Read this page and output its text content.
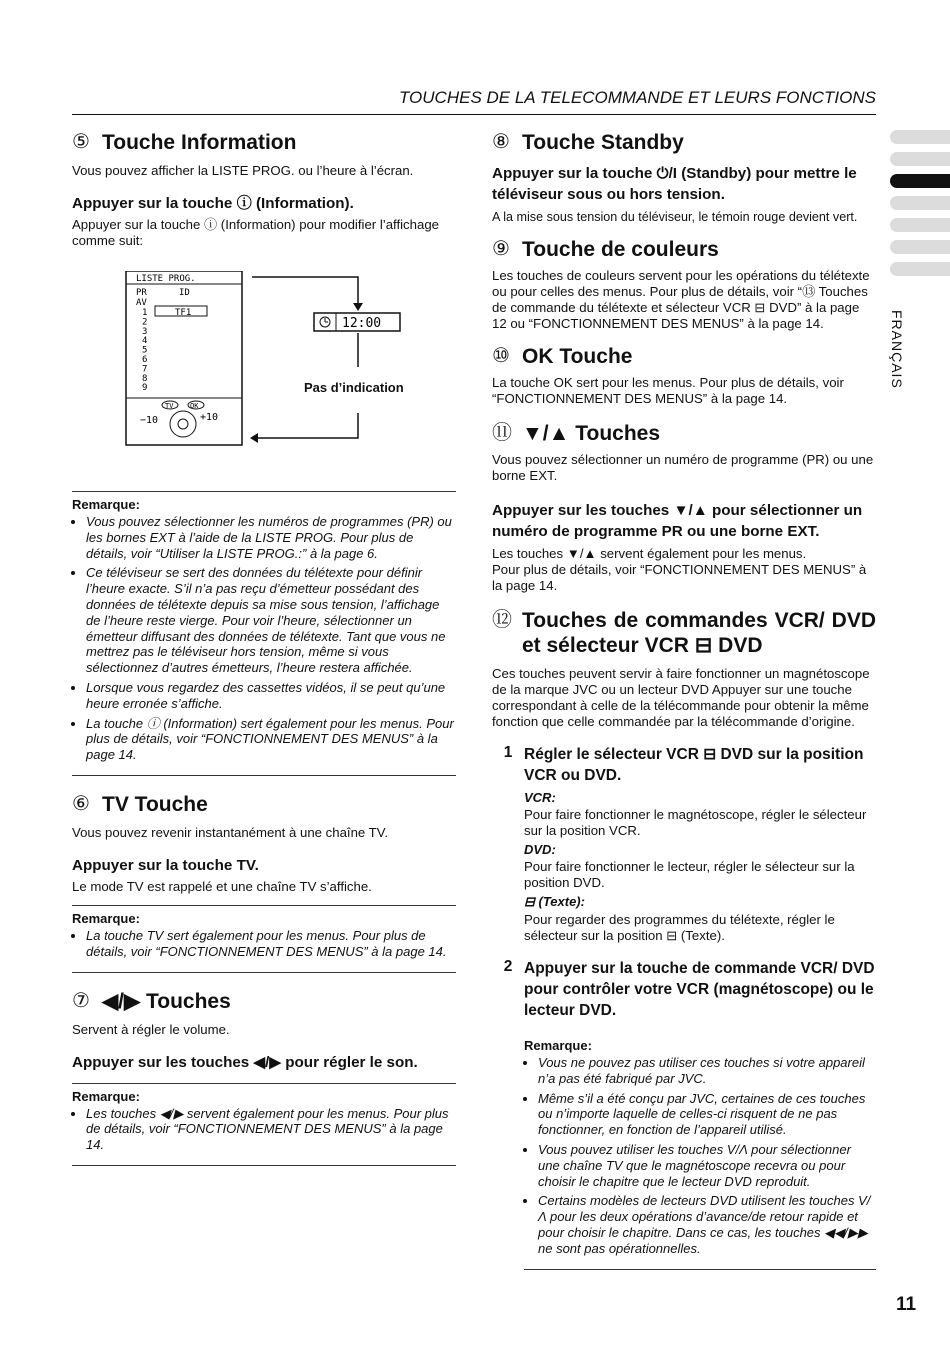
TOUCHES DE LA TELECOMMANDE ET LEURS FONCTIONS
FRANÇAIS
11
⑤ Touche Information

Vous pouvez afficher la LISTE PROG. ou l’heure à l’écran.

Appuyer sur la touche ⓘ (Information).

Appuyer sur la touche ⓘ (Information) pour modifier l’affichage comme suit:

LISTE PROG.
PR	ID
AV
TF1
1
2
3
4
5
6
7
8
9
TV OK
−10	+10
12:00
Pas d’indication
Remarque:
• Vous pouvez sélectionner les numéros de programmes (PR) ou les bornes EXT à l’aide de la LISTE PROG. Pour plus de détails, voir “Utiliser la LISTE PROG.:” à la page 6.
• Ce téléviseur se sert des données du télétexte pour définir l’heure exacte. S’il n’a pas reçu d’émetteur possédant des données de télétexte depuis sa mise sous tension, l’affichage de l’heure reste vierge. Pour voir l’heure, sélectionner un émetteur diffusant des données de télétexte. Tant que vous ne mettrez pas le téléviseur hors tension, même si vous sélectionnez d’autres émetteurs, l’heure restera affichée.
• Lorsque vous regardez des cassettes vidéos, il se peut qu’une heure erronée s’affiche.
• La touche ⓘ (Information) sert également pour les menus. Pour plus de détails, voir “FONCTIONNEMENT DES MENUS” à la page 14.
⑥ TV Touche

Vous pouvez revenir instantanément à une chaîne TV.

Appuyer sur la touche TV.

Le mode TV est rappelé et une chaîne TV s’affiche.

Remarque:
• La touche TV sert également pour les menus. Pour plus de détails, voir “FONCTIONNEMENT DES MENUS” à la page 14.
⑦ ◀/▶ Touches

Servent à régler le volume.

Appuyer sur les touches ◀/▶ pour régler le son.

Remarque:
• Les touches ◀/▶ servent également pour les menus. Pour plus de détails, voir “FONCTIONNEMENT DES MENUS” à la page 14.
⑧ Touche Standby

Appuyer sur la touche ⏻/I (Standby) pour mettre le téléviseur sous ou hors tension.

A la mise sous tension du téléviseur, le témoin rouge devient vert.

⑨ Touche de couleurs

Les touches de couleurs servent pour les opérations du télétexte ou pour celles des menus. Pour plus de détails, voir “⑬ Touches de commande du télétexte et sélecteur VCR ⊟ DVD” à la page 12 ou “FONCTIONNEMENT DES MENUS” à la page 14.

⑩ OK Touche

La touche OK sert pour les menus. Pour plus de détails, voir “FONCTIONNEMENT DES MENUS” à la page 14.

⑪ ▼/▲ Touches

Vous pouvez sélectionner un numéro de programme (PR) ou une borne EXT.

Appuyer sur les touches ▼/▲ pour sélectionner un numéro de programme PR ou une borne EXT.

Les touches ▼/▲ servent également pour les menus.

Pour plus de détails, voir “FONCTIONNEMENT DES MENUS” à la page 14.

⑫ Touches de commandes VCR/ DVD et sélecteur VCR ⊟ DVD

Ces touches peuvent servir à faire fonctionner un magnétoscope de la marque JVC ou un lecteur DVD Appuyer sur une touche correspondant à celle de la télécommande pour obtenir la même fonction que celle commandée par la télécommande d’origine.

1 Régler le sélecteur VCR ⊟ DVD sur la position VCR ou DVD.
VCR:

Pour faire fonctionner le magnétoscope, régler le sélecteur sur la position VCR.

DVD:

Pour faire fonctionner le lecteur, régler le sélecteur sur la position DVD.

⊟ (Texte):

Pour regarder des programmes du télétexte, régler le sélecteur sur la position ⊟ (Texte).

2 Appuyer sur la touche de commande VCR/ DVD pour contrôler votre VCR (magnétoscope) ou le lecteur DVD.
Remarque:
• Vous ne pouvez pas utiliser ces touches si votre appareil n’a pas été fabriqué par JVC.
• Même s’il a été conçu par JVC, certaines de ces touches ou n’importe laquelle de celles-ci risquent de ne pas fonctionner, en fonction de l’appareil utilisé.
• Vous pouvez utiliser les touches V/Λ pour sélectionner une chaîne TV que le magnétoscope recevra ou pour choisir le chapitre que le lecteur DVD reproduit.
• Certains modèles de lecteurs DVD utilisent les touches V/Λ pour les deux opérations d’avance/de retour rapide et pour choisir le chapitre. Dans ce cas, les touches ◀◀/▶▶ ne sont pas opérationnelles.
